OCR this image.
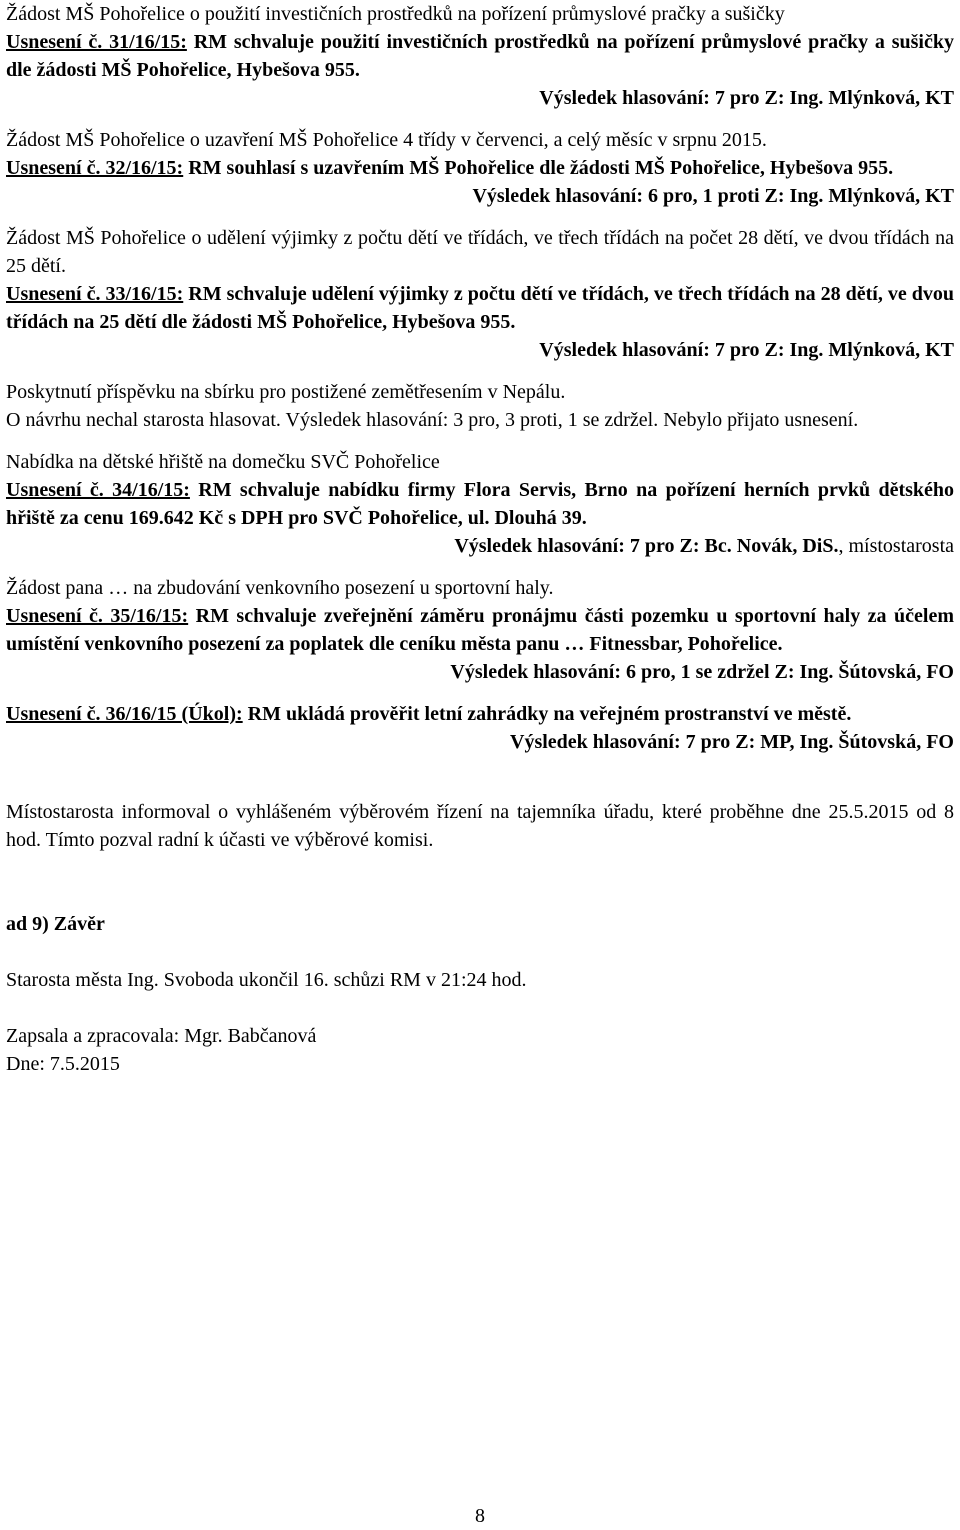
Žádost MŠ Pohořelice o použití investičních prostředků na pořízení průmyslové pračky a sušičky

Usnesení č. 31/16/15: RM schvaluje použití investičních prostředků na pořízení průmyslové pračky a sušičky dle žádosti MŠ Pohořelice, Hybešova 955.

Výsledek hlasování: 7 pro Z: Ing. Mlýnková, KT

Žádost MŠ Pohořelice o uzavření MŠ Pohořelice 4 třídy v červenci, a celý měsíc v srpnu 2015.

Usnesení č. 32/16/15: RM souhlasí s uzavřením MŠ Pohořelice dle žádosti MŠ Pohořelice, Hybešova 955.

Výsledek hlasování: 6 pro, 1 proti Z: Ing. Mlýnková, KT

Žádost MŠ Pohořelice o udělení výjimky z počtu dětí ve třídách, ve třech třídách na počet 28 dětí, ve dvou třídách na 25 dětí.

Usnesení č. 33/16/15: RM schvaluje udělení výjimky z počtu dětí ve třídách, ve třech třídách na 28 dětí, ve dvou třídách na 25 dětí dle žádosti MŠ Pohořelice, Hybešova 955.

Výsledek hlasování: 7 pro Z: Ing. Mlýnková, KT

Poskytnutí příspěvku na sbírku pro postižené zemětřesením v Nepálu.

O návrhu nechal starosta hlasovat. Výsledek hlasování: 3 pro, 3 proti, 1 se zdržel. Nebylo přijato usnesení.

Nabídka na dětské hřiště na domečku SVČ Pohořelice

Usnesení č. 34/16/15: RM schvaluje nabídku firmy Flora Servis, Brno na pořízení herních prvků dětského hřiště za cenu 169.642 Kč s DPH pro SVČ Pohořelice, ul. Dlouhá 39.

Výsledek hlasování: 7 pro Z: Bc. Novák, DiS., místostarosta

Žádost pana … na zbudování venkovního posezení u sportovní haly.

Usnesení č. 35/16/15: RM schvaluje zveřejnění záměru pronájmu části pozemku u sportovní haly za účelem umístění venkovního posezení za poplatek dle ceníku města panu … Fitnessbar, Pohořelice.

Výsledek hlasování: 6 pro, 1 se zdržel Z: Ing. Šútovská, FO

Usnesení č. 36/16/15 (Úkol): RM ukládá prověřit letní zahrádky na veřejném prostranství ve městě.

Výsledek hlasování: 7 pro Z: MP, Ing. Šútovská, FO

Místostarosta informoval o vyhlášeném výběrovém řízení na tajemníka úřadu, které proběhne dne 25.5.2015 od 8 hod. Tímto pozval radní k účasti ve výběrové komisi.

ad 9) Závěr

Starosta města Ing. Svoboda ukončil 16. schůzi RM v 21:24 hod.

Zapsala a zpracovala: Mgr. Babčanová

Dne: 7.5.2015

8
